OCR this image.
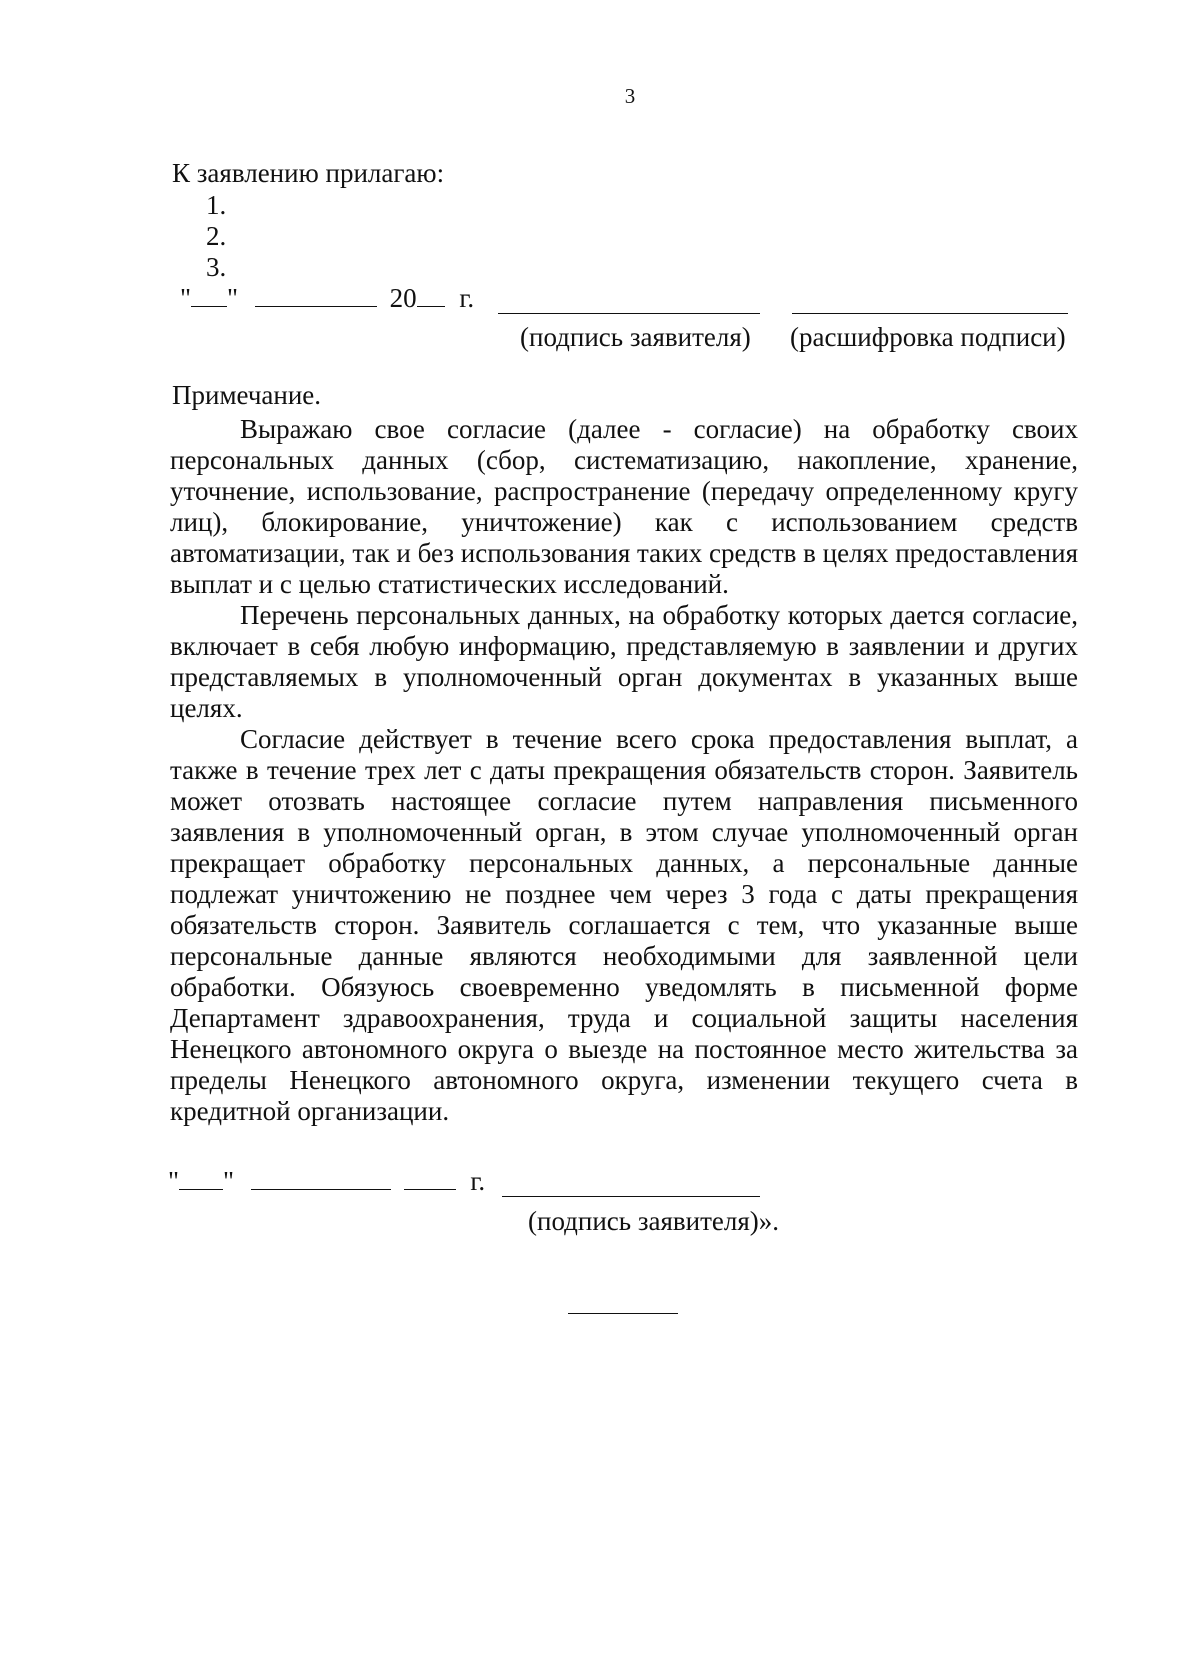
3
К заявлению прилагаю:
1.
2.
3.
" "	20 г.
(подпись заявителя) (расшифровка подписи)
Примечание.

Выражаю свое согласие (далее - согласие) на обработку своих персональных данных (сбор, систематизацию, накопление, хранение, уточнение, использование, распространение (передачу определенному кругу лиц), блокирование, уничтожение) как с использованием средств автоматизации, так и без использования таких средств в целях предоставления выплат и с целью статистических исследований.

Перечень персональных данных, на обработку которых дается согласие, включает в себя любую информацию, представляемую в заявлении и других представляемых в уполномоченный орган документах в указанных выше целях.

Согласие действует в течение всего срока предоставления выплат, а также в течение трех лет с даты прекращения обязательств сторон. Заявитель может отозвать настоящее согласие путем направления письменного заявления в уполномоченный орган, в этом случае уполномоченный орган прекращает обработку персональных данных, а персональные данные подлежат уничтожению не позднее чем через 3 года с даты прекращения обязательств сторон. Заявитель соглашается с тем, что указанные выше персональные данные являются необходимыми для заявленной цели обработки. Обязуюсь своевременно уведомлять в письменной форме Департамент здравоохранения, труда и социальной защиты населения Ненецкого автономного округа о выезде на постоянное место жительства за пределы Ненецкого автономного округа, изменении текущего счета в кредитной организации.

" "	г.
(подпись заявителя)».
